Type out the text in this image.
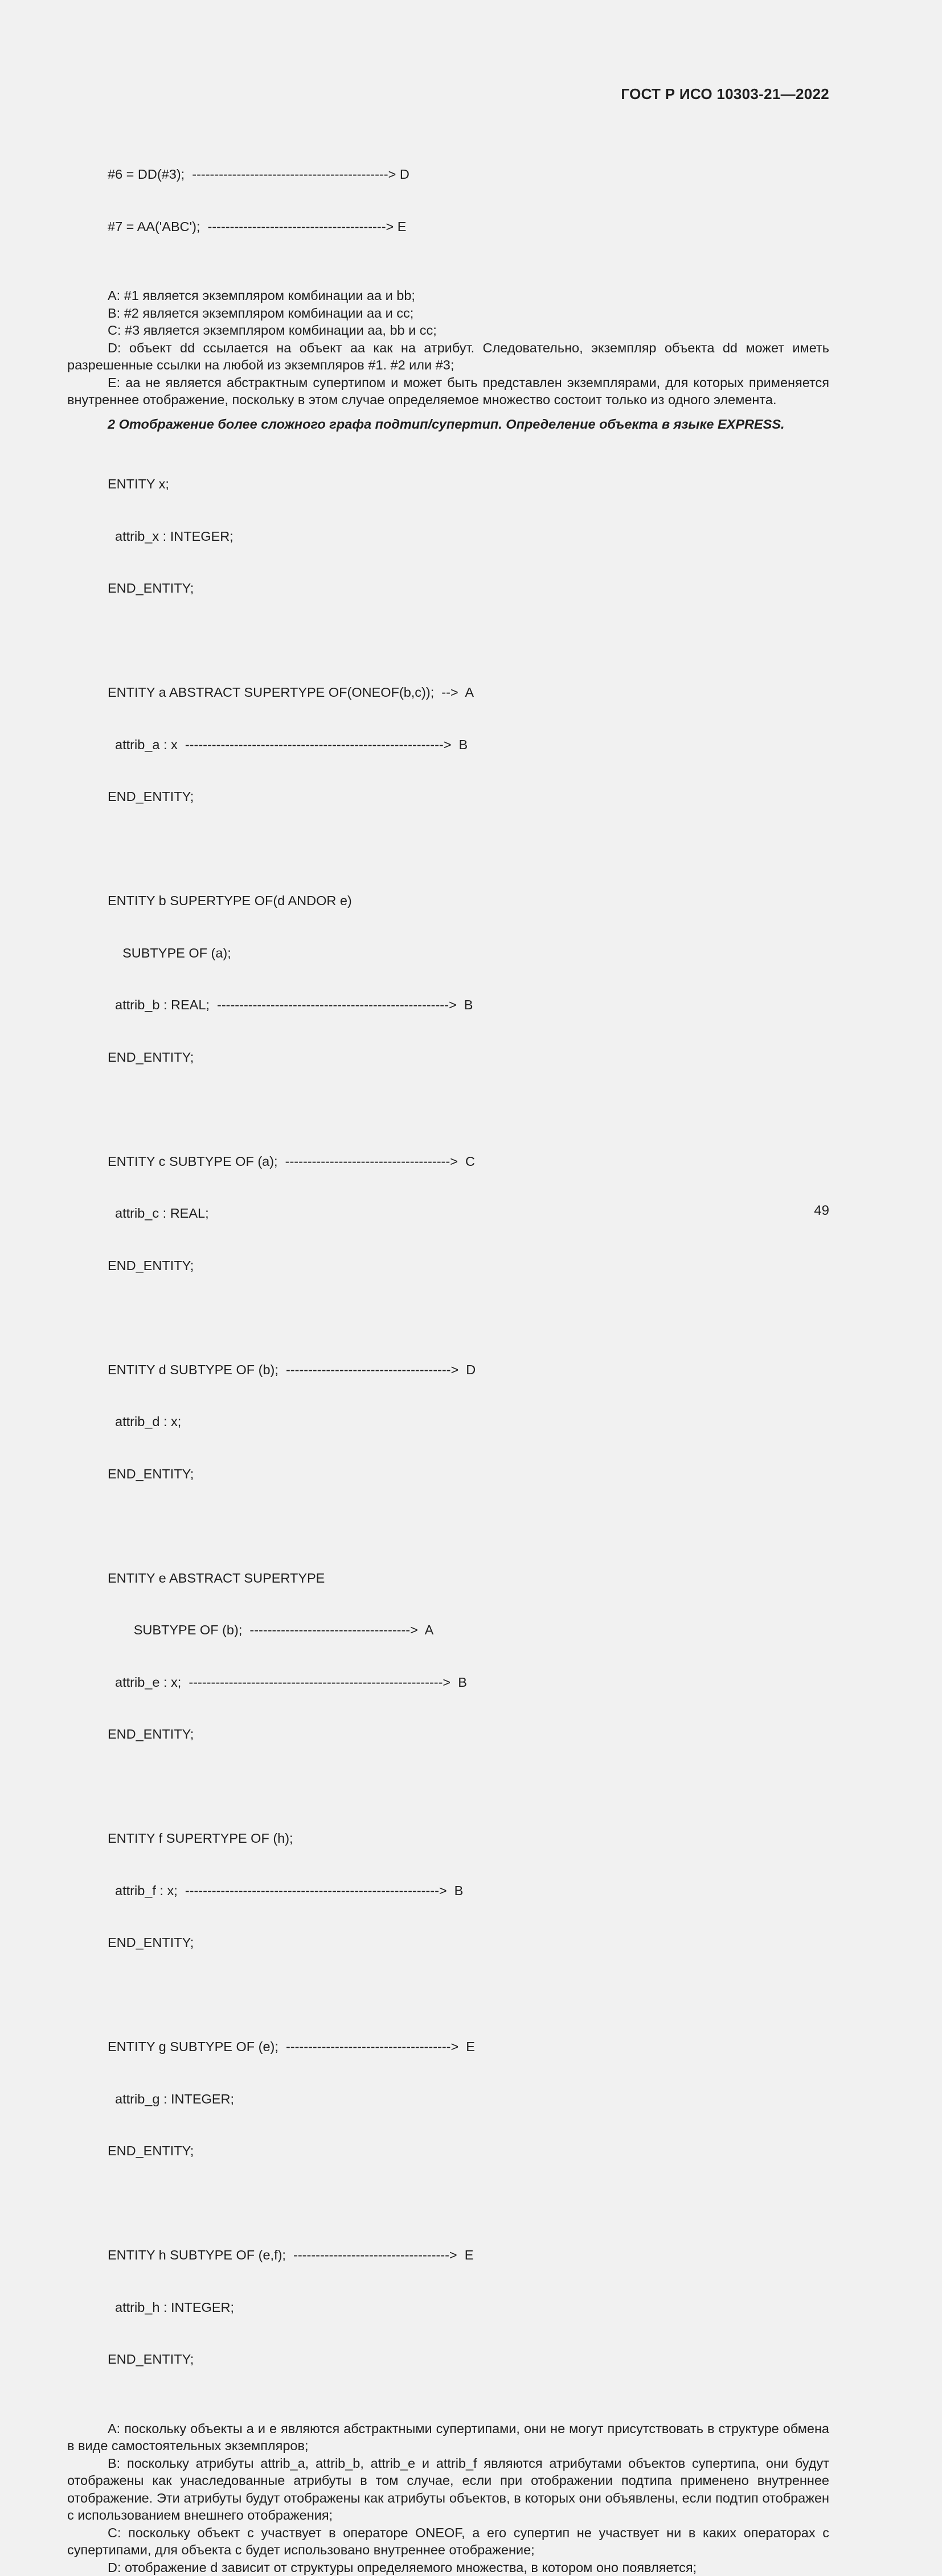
ГОСТ Р ИСО 10303-21—2022

#6 = DD(#3);  --------------------------------------------> D

#7 = AA('ABC');  ----------------------------------------> E

A: #1 является экземпляром комбинации aa и bb;
B: #2 является экземпляром комбинации aa и cc;
C: #3 является экземпляром комбинации aa, bb и cc;
D: объект dd ссылается на объект aa как на атрибут. Следовательно, экземпляр объекта dd может иметь разрешенные ссылки на любой из экземпляров #1. #2 или #3;
E: aa не является абстрактным супертипом и может быть представлен экземплярами, для которых применяется внутреннее отображение, поскольку в этом случае определяемое множество состоит только из одного элемента.
2 Отображение более сложного графа подтип/супертип. Определение объекта в языке EXPRESS.

ENTITY x;

attrib_x : INTEGER;

END_ENTITY;

ENTITY a ABSTRACT SUPERTYPE OF(ONEOF(b,c));  -->  A

attrib_a : x  ---------------------------------------------------------->  B

END_ENTITY;

ENTITY b SUPERTYPE OF(d ANDOR e)

SUBTYPE OF (a);

attrib_b : REAL;  ---------------------------------------------------->  B

END_ENTITY;

ENTITY c SUBTYPE OF (a);  ------------------------------------->  C

attrib_c : REAL;

END_ENTITY;

ENTITY d SUBTYPE OF (b);  ------------------------------------->  D

attrib_d : x;

END_ENTITY;

ENTITY e ABSTRACT SUPERTYPE

SUBTYPE OF (b);  ------------------------------------>  A

attrib_e : x;  --------------------------------------------------------->  B

END_ENTITY;

ENTITY f SUPERTYPE OF (h);

attrib_f : x;  --------------------------------------------------------->  B

END_ENTITY;

ENTITY g SUBTYPE OF (e);  ------------------------------------->  E

attrib_g : INTEGER;

END_ENTITY;

ENTITY h SUBTYPE OF (e,f);  ----------------------------------->  E

attrib_h : INTEGER;

END_ENTITY;

A: поскольку объекты a и e являются абстрактными супертипами, они не могут присутствовать в структуре обмена в виде самостоятельных экземпляров;
B: поскольку атрибуты attrib_a, attrib_b, attrib_e и attrib_f являются атрибутами объектов супертипа, они будут отображены как унаследованные атрибуты в том случае, если при отображении подтипа применено внутреннее отображение. Эти атрибуты будут отображены как атрибуты объектов, в которых они объявлены, если подтип отображен с использованием внешнего отображения;
C: поскольку объект c участвует в операторе ONEOF, а его супертип не участвует ни в каких операторах с супертипами, для объекта c будет использовано внутреннее отображение;
D: отображение d зависит от структуры определяемого множества, в котором оно появляется;
49
